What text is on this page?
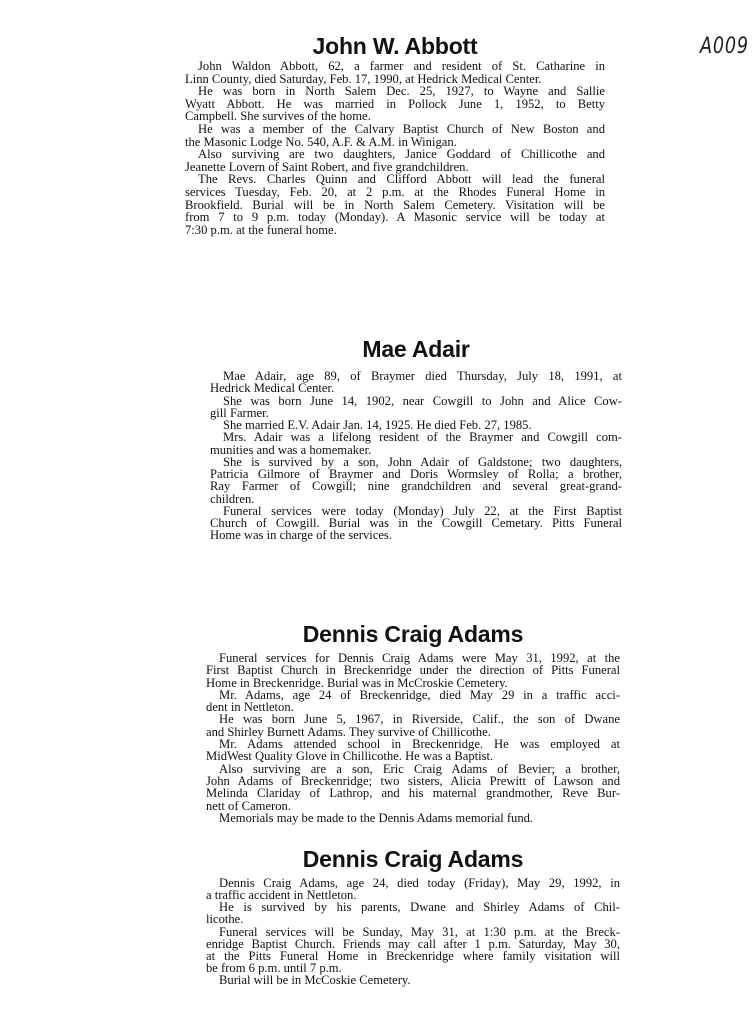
A009
John W. Abbott
John Waldon Abbott, 62, a farmer and resident of St. Catharine in
Linn County, died Saturday, Feb. 17, 1990, at Hedrick Medical Center.
He was born in North Salem Dec. 25, 1927, to Wayne and Sallie
Wyatt Abbott. He was married in Pollock June 1, 1952, to Betty
Campbell. She survives of the home.
He was a member of the Calvary Baptist Church of New Boston and
the Masonic Lodge No. 540, A.F. & A.M. in Winigan.
Also surviving are two daughters, Janice Goddard of Chillicothe and
Jeanette Lovern of Saint Robert, and five grandchildren.
The Revs. Charles Quinn and Clifford Abbott will lead the funeral
services Tuesday, Feb. 20, at 2 p.m. at the Rhodes Funeral Home in
Brookfield. Burial will be in North Salem Cemetery. Visitation will be
from 7 to 9 p.m. today (Monday). A Masonic service will be today at
7:30 p.m. at the funeral home.
Mae Adair
Mae Adair, age 89, of Braymer died Thursday, July 18, 1991, at
Hedrick Medical Center.
She was born June 14, 1902, near Cowgill to John and Alice Cow-
gill Farmer.
She married E.V. Adair Jan. 14, 1925. He died Feb. 27, 1985.
Mrs. Adair was a lifelong resident of the Braymer and Cowgill com-
munities and was a homemaker.
She is survived by a son, John Adair of Galdstone; two daughters,
Patricia Gilmore of Braymer and Doris Wormsley of Rolla; a brother,
Ray Farmer of Cowgill; nine grandchildren and several great-grand-
children.
Funeral services were today (Monday) July 22, at the First Baptist
Church of Cowgill. Burial was in the Cowgill Cemetary. Pitts Funeral
Home was in charge of the services.
Dennis Craig Adams
Funeral services for Dennis Craig Adams were May 31, 1992, at the
First Baptist Church in Breckenridge under the direction of Pitts Funeral
Home in Breckenridge. Burial was in McCroskie Cemetery.
Mr. Adams, age 24 of Breckenridge, died May 29 in a traffic acci-
dent in Nettleton.
He was born June 5, 1967, in Riverside, Calif., the son of Dwane
and Shirley Burnett Adams. They survive of Chillicothe.
Mr. Adams attended school in Breckenridge. He was employed at
MidWest Quality Glove in Chillicothe. He was a Baptist.
Also surviving are a son, Eric Craig Adams of Bevier; a brother,
John Adams of Breckenridge; two sisters, Alicia Prewitt of Lawson and
Melinda Clariday of Lathrop, and his maternal grandmother, Reve Bur-
nett of Cameron.
Memorials may be made to the Dennis Adams memorial fund.
Dennis Craig Adams
Dennis Craig Adams, age 24, died today (Friday), May 29, 1992, in
a traffic accident in Nettleton.
He is survived by his parents, Dwane and Shirley Adams of Chil-
licothe.
Funeral services will be Sunday, May 31, at 1:30 p.m. at the Breck-
enridge Baptist Church. Friends may call after 1 p.m. Saturday, May 30,
at the Pitts Funeral Home in Breckenridge where family visitation will
be from 6 p.m. until 7 p.m.
Burial will be in McCoskie Cemetery.
